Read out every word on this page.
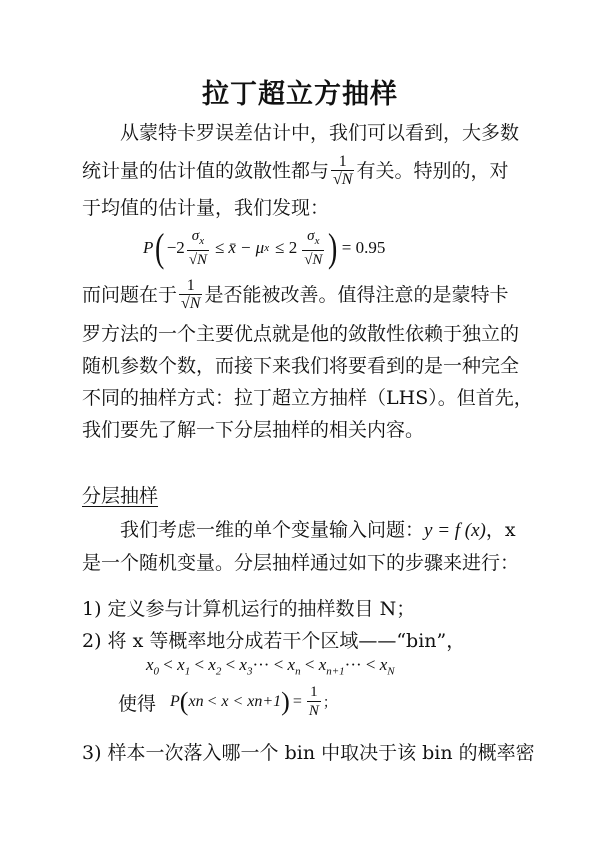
拉丁超立方抽样
从蒙特卡罗误差估计中，我们可以看到，大多数
统计量的估计值的敛散性都与 $\frac{1}{√N}$ 有关。特别的，对
于均值的估计量，我们发现：
P ( $-2 \frac{\sigma_x}{√N}$ ≤ x̄ − μ $x \le 2 \frac{\sigma_x}{√N}$ ) = 0.95
而问题在于 $\frac{1}{√N}$ 是否能被改善。值得注意的是蒙特卡
罗方法的一个主要优点就是他的敛散性依赖于独立的
随机参数个数，而接下来我们将要看到的是一种完全
不同的抽样方式：拉丁超立方抽样（LHS）。但首先，
我们要先了解一下分层抽样的相关内容。
分层抽样
我们考虑一维的单个变量输入问题：y = f (x)，x
是一个随机变量。分层抽样通过如下的步骤来进行：
1) 定义参与计算机运行的抽样数目 N；
2) 将 x 等概率地分成若干个区域——“bin”，
$x_0 < x_1 < x_2 < x_3\cdot\cdot\cdot < x_n < x_{n+1}\cdot\cdot\cdot < x_N$
使得 P ( x n < x < x n+1 ) = $\frac{1}{N}$ ；
3) 样本一次落入哪一个 bin 中取决于该 bin 的概率密
